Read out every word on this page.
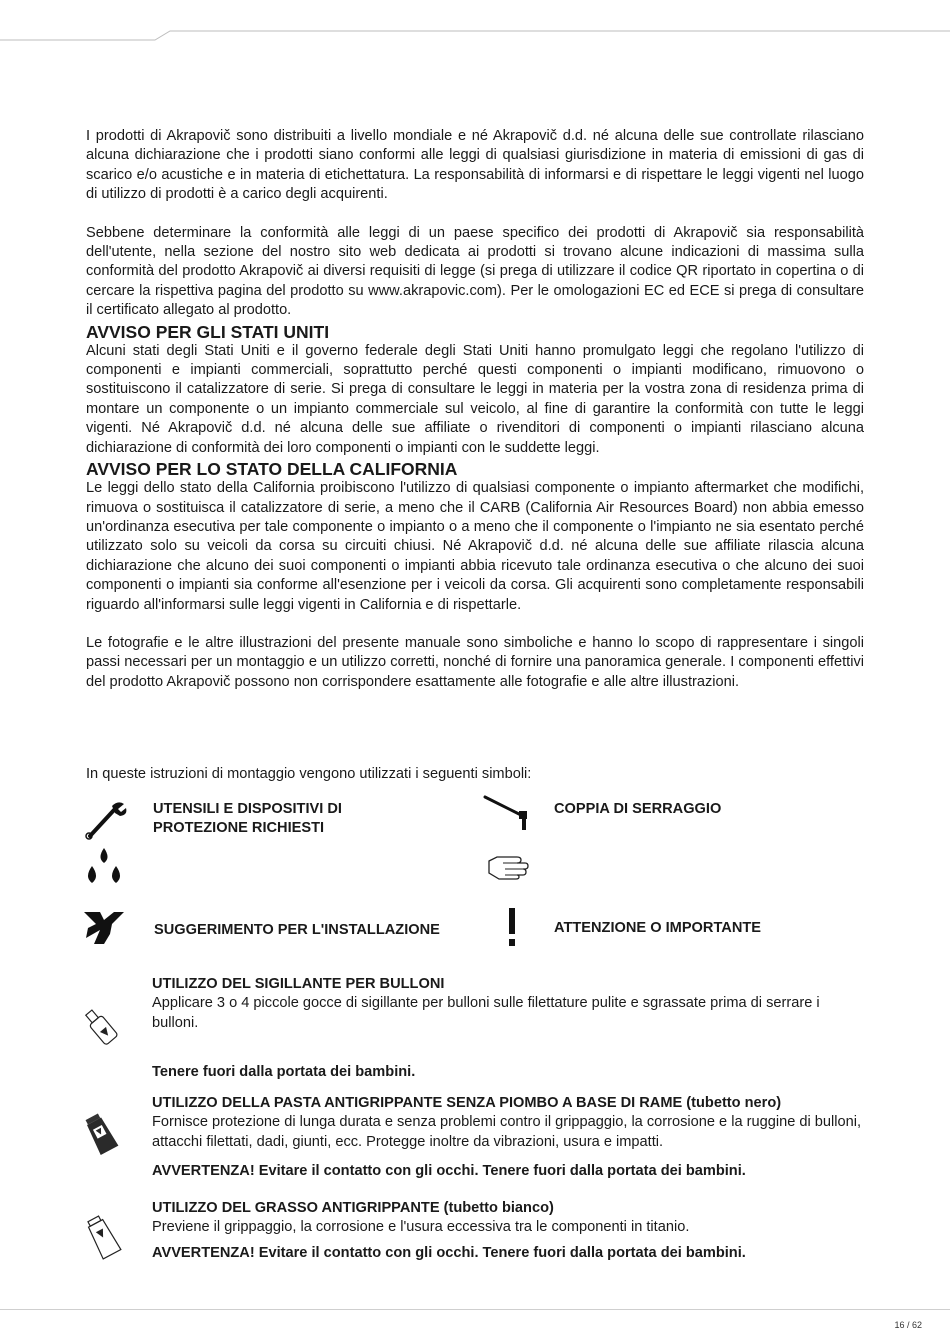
I prodotti di Akrapovič sono distribuiti a livello mondiale e né Akrapovič d.d. né alcuna delle sue controllate rilasciano alcuna dichiarazione che i prodotti siano conformi alle leggi di qualsiasi giurisdizione in materia di emissioni di gas di scarico e/o acustiche e in materia di etichettatura. La responsabilità di informarsi e di rispettare le leggi vigenti nel luogo di utilizzo di prodotti è a carico degli acquirenti.

Sebbene determinare la conformità alle leggi di un paese specifico dei prodotti di Akrapovič sia responsabilità dell'utente, nella sezione del nostro sito web dedicata ai prodotti si trovano alcune indicazioni di massima sulla conformità del prodotto Akrapovič ai diversi requisiti di legge (si prega di utilizzare il codice QR riportato in copertina o di cercare la rispettiva pagina del prodotto su www.akrapovic.com). Per le omologazioni EC ed ECE si prega di consultare il certificato allegato al prodotto.

AVVISO PER GLI STATI UNITI

Alcuni stati degli Stati Uniti e il governo federale degli Stati Uniti hanno promulgato leggi che regolano l'utilizzo di componenti e impianti commerciali, soprattutto perché questi componenti o impianti modificano, rimuovono o sostituiscono il catalizzatore di serie. Si prega di consultare le leggi in materia per la vostra zona di residenza prima di montare un componente o un impianto commerciale sul veicolo, al fine di garantire la conformità con tutte le leggi vigenti. Né Akrapovič d.d. né alcuna delle sue affiliate o rivenditori di componenti o impianti rilasciano alcuna dichiarazione di conformità dei loro componenti o impianti con le suddette leggi.

AVVISO PER LO STATO DELLA CALIFORNIA

Le leggi dello stato della California proibiscono l'utilizzo di qualsiasi componente o impianto aftermarket che modifichi, rimuova o sostituisca il catalizzatore di serie, a meno che il CARB (California Air Resources Board) non abbia emesso un'ordinanza esecutiva per tale componente o impianto o a meno che il componente o l'impianto ne sia esentato perché utilizzato solo su veicoli da corsa su circuiti chiusi. Né Akrapovič d.d. né alcuna delle sue affiliate rilascia alcuna dichiarazione che alcuno dei suoi componenti o impianti abbia ricevuto tale ordinanza esecutiva o che alcuno dei suoi componenti o impianti sia conforme all'esenzione per i veicoli da corsa. Gli acquirenti sono completamente responsabili riguardo all'informarsi sulle leggi vigenti in California e di rispettarle.

Le fotografie e le altre illustrazioni del presente manuale sono simboliche e hanno lo scopo di rappresentare i singoli passi necessari per un montaggio e un utilizzo corretti, nonché di fornire una panoramica generale. I componenti effettivi del prodotto Akrapovič possono non corrispondere esattamente alle fotografie e alle altre illustrazioni.

In queste istruzioni di montaggio vengono utilizzati i seguenti simboli:
UTENSILI E DISPOSITIVI DI
PROTEZIONE RICHIESTI
COPPIA DI SERRAGGIO
SUGGERIMENTO PER L'INSTALLAZIONE	ATTENZIONE O IMPORTANTE

UTILIZZO DEL SIGILLANTE PER BULLONI

Applicare 3 o 4 piccole gocce di sigillante per bulloni sulle filettature pulite e sgrassate prima di serrare i bulloni.

Tenere fuori dalla portata dei bambini.

UTILIZZO DELLA PASTA ANTIGRIPPANTE SENZA PIOMBO A BASE DI RAME (tubetto nero)

Fornisce protezione di lunga durata e senza problemi contro il grippaggio, la corrosione e la ruggine di bulloni, attacchi filettati, dadi, giunti, ecc. Protegge inoltre da vibrazioni, usura e impatti.

AVVERTENZA! Evitare il contatto con gli occhi. Tenere fuori dalla portata dei bambini.

UTILIZZO DEL GRASSO ANTIGRIPPANTE (tubetto bianco)

Previene il grippaggio, la corrosione e l'usura eccessiva tra le componenti in titanio.

AVVERTENZA! Evitare il contatto con gli occhi. Tenere fuori dalla portata dei bambini.

16 / 62
